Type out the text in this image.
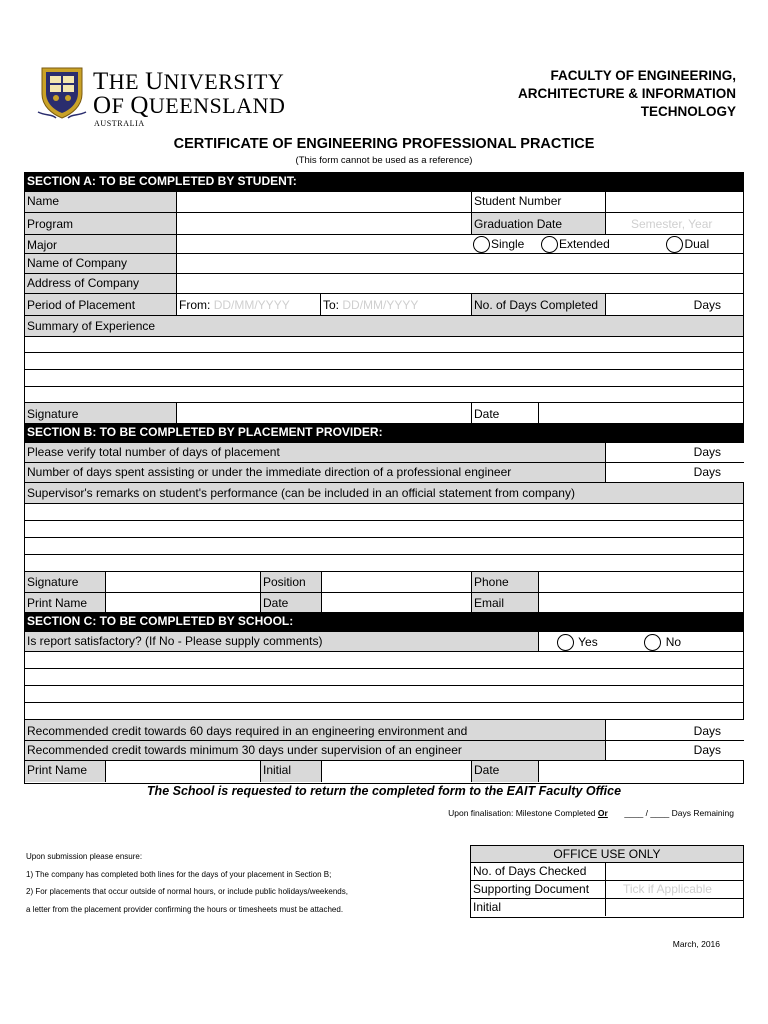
THE UNIVERSITY
OF QUEENSLAND
AUSTRALIA
FACULTY OF ENGINEERING,
ARCHITECTURE & INFORMATION
TECHNOLOGY
CERTIFICATE OF ENGINEERING PROFESSIONAL PRACTICE
(This form cannot be used as a reference)
SECTION A: TO BE COMPLETED BY STUDENT:
Name	Student Number
Program	Graduation Date	Semester, Year
Major	Single	Extended	Dual
Name of Company
Address of Company
Period of Placement	From: DD/MM/YYYY	To: DD/MM/YYYY	No. of Days Completed	Days
Summary of Experience
Signature	Date
SECTION B: TO BE COMPLETED BY PLACEMENT PROVIDER:
Please verify total number of days of placement	Days
Number of days spent assisting or under the immediate direction of a professional engineer	Days
Supervisor's remarks on student's performance (can be included in an official statement from company)
Signature	Position	Phone
Print Name	Date	Email
SECTION C: TO BE COMPLETED BY SCHOOL:
Is report satisfactory? (If No - Please supply comments)	Yes	No
Recommended credit towards 60 days required in an engineering environment and	Days
Recommended credit towards minimum 30 days under supervision of an engineer	Days
Print Name	Initial	Date
The School is requested to return the completed form to the EAIT Faculty Office
Upon finalisation: Milestone Completed Or ____ / ____ Days Remaining
Upon submission please ensure:
1) The company has completed both lines for the days of your placement in Section B;
2) For placements that occur outside of normal hours, or include public holidays/weekends,
a letter from the placement provider confirming the hours or timesheets must be attached.
OFFICE USE ONLY
No. of Days Checked
Supporting Document	Tick if Applicable
Initial
March, 2016
